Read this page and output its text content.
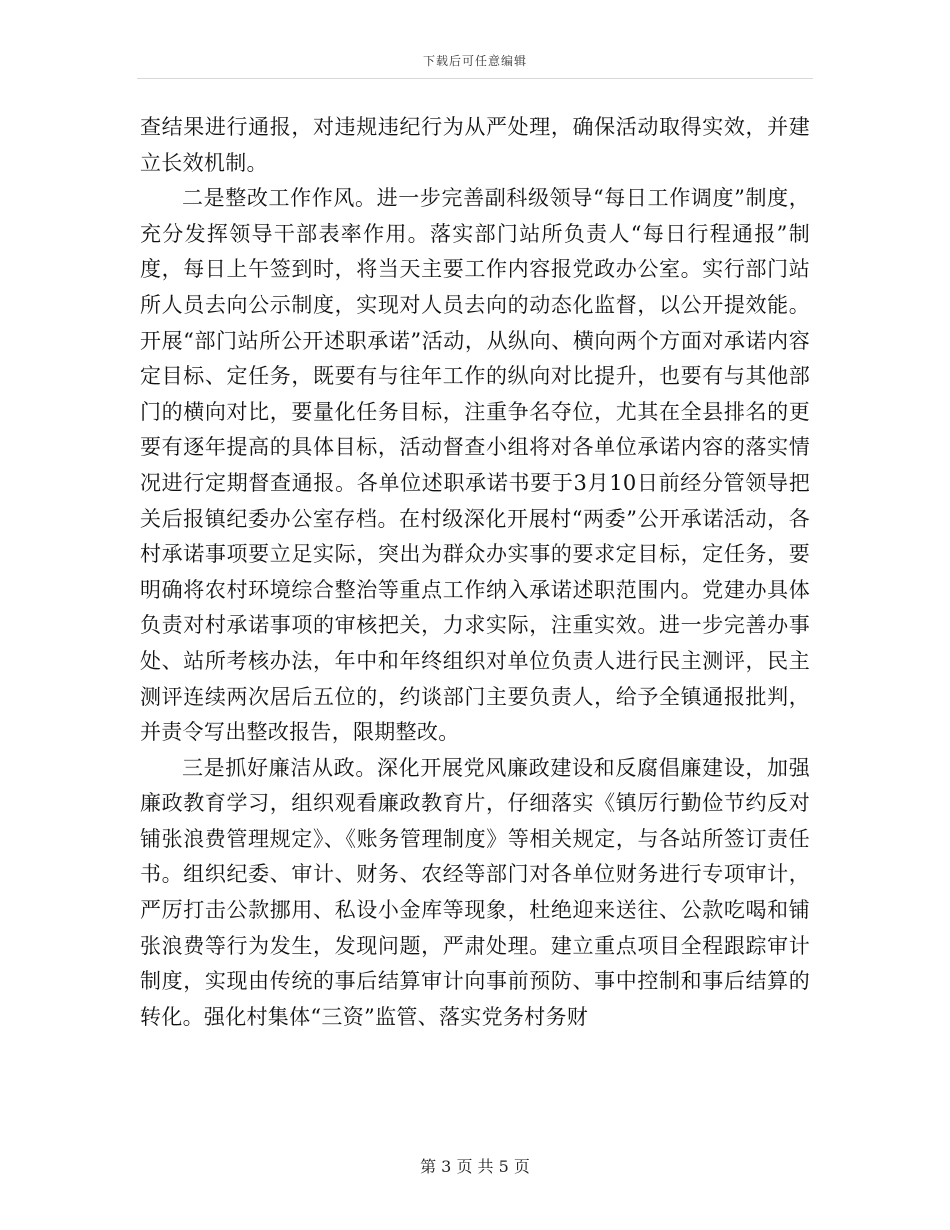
下载后可任意编辑

查结果进行通报，对违规违纪行为从严处理，确保活动取得实效，并建立长效机制。

二是整改工作作风。进一步完善副科级领导“每日工作调度”制度，充分发挥领导干部表率作用。落实部门站所负责人“每日行程通报”制度，每日上午签到时，将当天主要工作内容报党政办公室。实行部门站所人员去向公示制度，实现对人员去向的动态化监督，以公开提效能。开展“部门站所公开述职承诺”活动，从纵向、横向两个方面对承诺内容定目标、定任务，既要有与往年工作的纵向对比提升，也要有与其他部门的横向对比，要量化任务目标，注重争名夺位，尤其在全县排名的更要有逐年提高的具体目标，活动督查小组将对各单位承诺内容的落实情况进行定期督查通报。各单位述职承诺书要于3月10日前经分管领导把关后报镇纪委办公室存档。在村级深化开展村“两委”公开承诺活动，各村承诺事项要立足实际，突出为群众办实事的要求定目标，定任务，要明确将农村环境综合整治等重点工作纳入承诺述职范围内。党建办具体负责对村承诺事项的审核把关，力求实际，注重实效。进一步完善办事处、站所考核办法，年中和年终组织对单位负责人进行民主测评，民主测评连续两次居后五位的，约谈部门主要负责人，给予全镇通报批判，并责令写出整改报告，限期整改。

三是抓好廉洁从政。深化开展党风廉政建设和反腐倡廉建设，加强廉政教育学习，组织观看廉政教育片，仔细落实《镇厉行勤俭节约反对铺张浪费管理规定》、《账务管理制度》等相关规定，与各站所签订责任书。组织纪委、审计、财务、农经等部门对各单位财务进行专项审计，严厉打击公款挪用、私设小金库等现象，杜绝迎来送往、公款吃喝和铺张浪费等行为发生，发现问题，严肃处理。建立重点项目全程跟踪审计制度，实现由传统的事后结算审计向事前预防、事中控制和事后结算的转化。强化村集体“三资”监管、落实党务村务财

第 3 页 共 5 页
